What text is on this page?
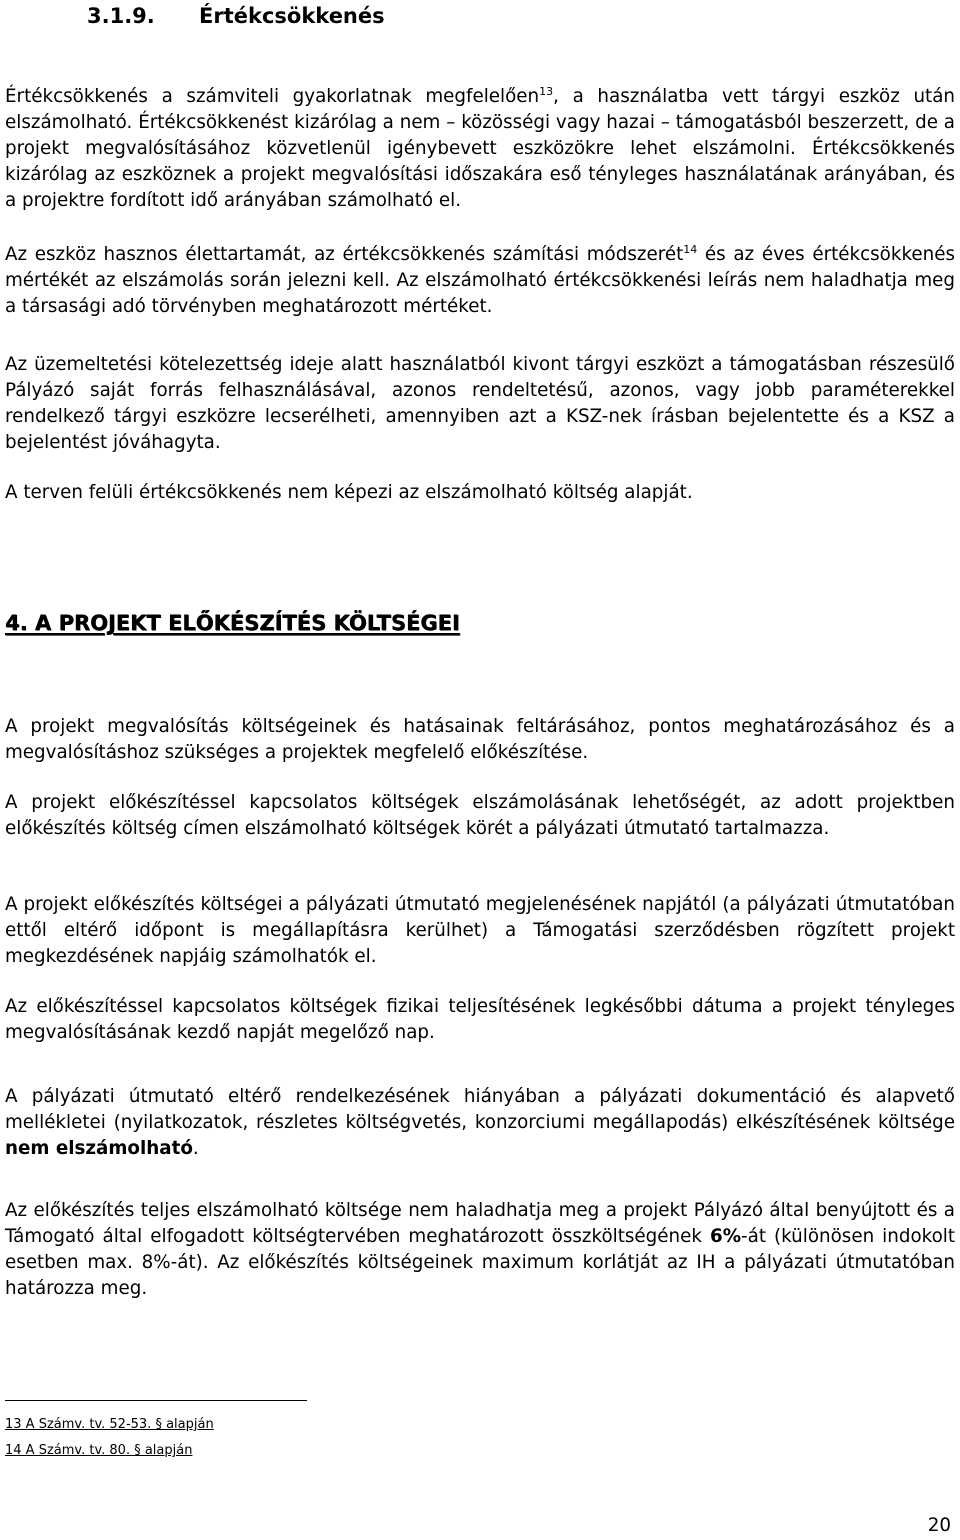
3.1.9. Értékcsökkenés
Értékcsökkenés a számviteli gyakorlatnak megfelelően$^{13}$, a használatba vett tárgyi eszköz után elszámolható. Értékcsökkenést kizárólag a nem – közösségi vagy hazai – támogatásból beszerzett, de a projekt megvalósításához közvetlenül igénybevett eszközökre lehet elszámolni. Értékcsökkenés kizárólag az eszköznek a projekt megvalósítási időszakára eső tényleges használatának arányában, és a projektre fordított idő arányában számolható el.
Az eszköz hasznos élettartamát, az értékcsökkenés számítási módszerét$^{14}$ és az éves értékcsökkenés mértékét az elszámolás során jelezni kell. Az elszámolható értékcsökkenési leírás nem haladhatja meg a társasági adó törvényben meghatározott mértéket.
Az üzemeltetési kötelezettség ideje alatt használatból kivont tárgyi eszközt a támogatásban részesülő Pályázó saját forrás felhasználásával, azonos rendeltetésű, azonos, vagy jobb paraméterekkel rendelkező tárgyi eszközre lecserélheti, amennyiben azt a KSZ-nek írásban bejelentette és a KSZ a bejelentést jóváhagyta.
A terven felüli értékcsökkenés nem képezi az elszámolható költség alapját.
4. A PROJEKT ELŐKÉSZÍTÉS KÖLTSÉGEI
A projekt megvalósítás költségeinek és hatásainak feltárásához, pontos meghatározásához és a megvalósításhoz szükséges a projektek megfelelő előkészítése.
A projekt előkészítéssel kapcsolatos költségek elszámolásának lehetőségét, az adott projektben előkészítés költség címen elszámolható költségek körét a pályázati útmutató tartalmazza.
A projekt előkészítés költségei a pályázati útmutató megjelenésének napjától (a pályázati útmutatóban ettől eltérő időpont is megállapításra kerülhet) a Támogatási szerződésben rögzített projekt megkezdésének napjáig számolhatók el.
Az előkészítéssel kapcsolatos költségek fizikai teljesítésének legkésőbbi dátuma a projekt tényleges megvalósításának kezdő napját megelőző nap.
A pályázati útmutató eltérő rendelkezésének hiányában a pályázati dokumentáció és alapvető mellékletei (nyilatkozatok, részletes költségvetés, konzorciumi megállapodás) elkészítésének költsége nem elszámolható.
Az előkészítés teljes elszámolható költsége nem haladhatja meg a projekt Pályázó által benyújtott és a Támogató által elfogadott költségtervében meghatározott összköltségének 6%-át (különösen indokolt esetben max. 8%-át). Az előkészítés költségeinek maximum korlátját az IH a pályázati útmutatóban határozza meg.
13 A Számv. tv. 52-53. § alapján
14 A Számv. tv. 80. § alapján
20
